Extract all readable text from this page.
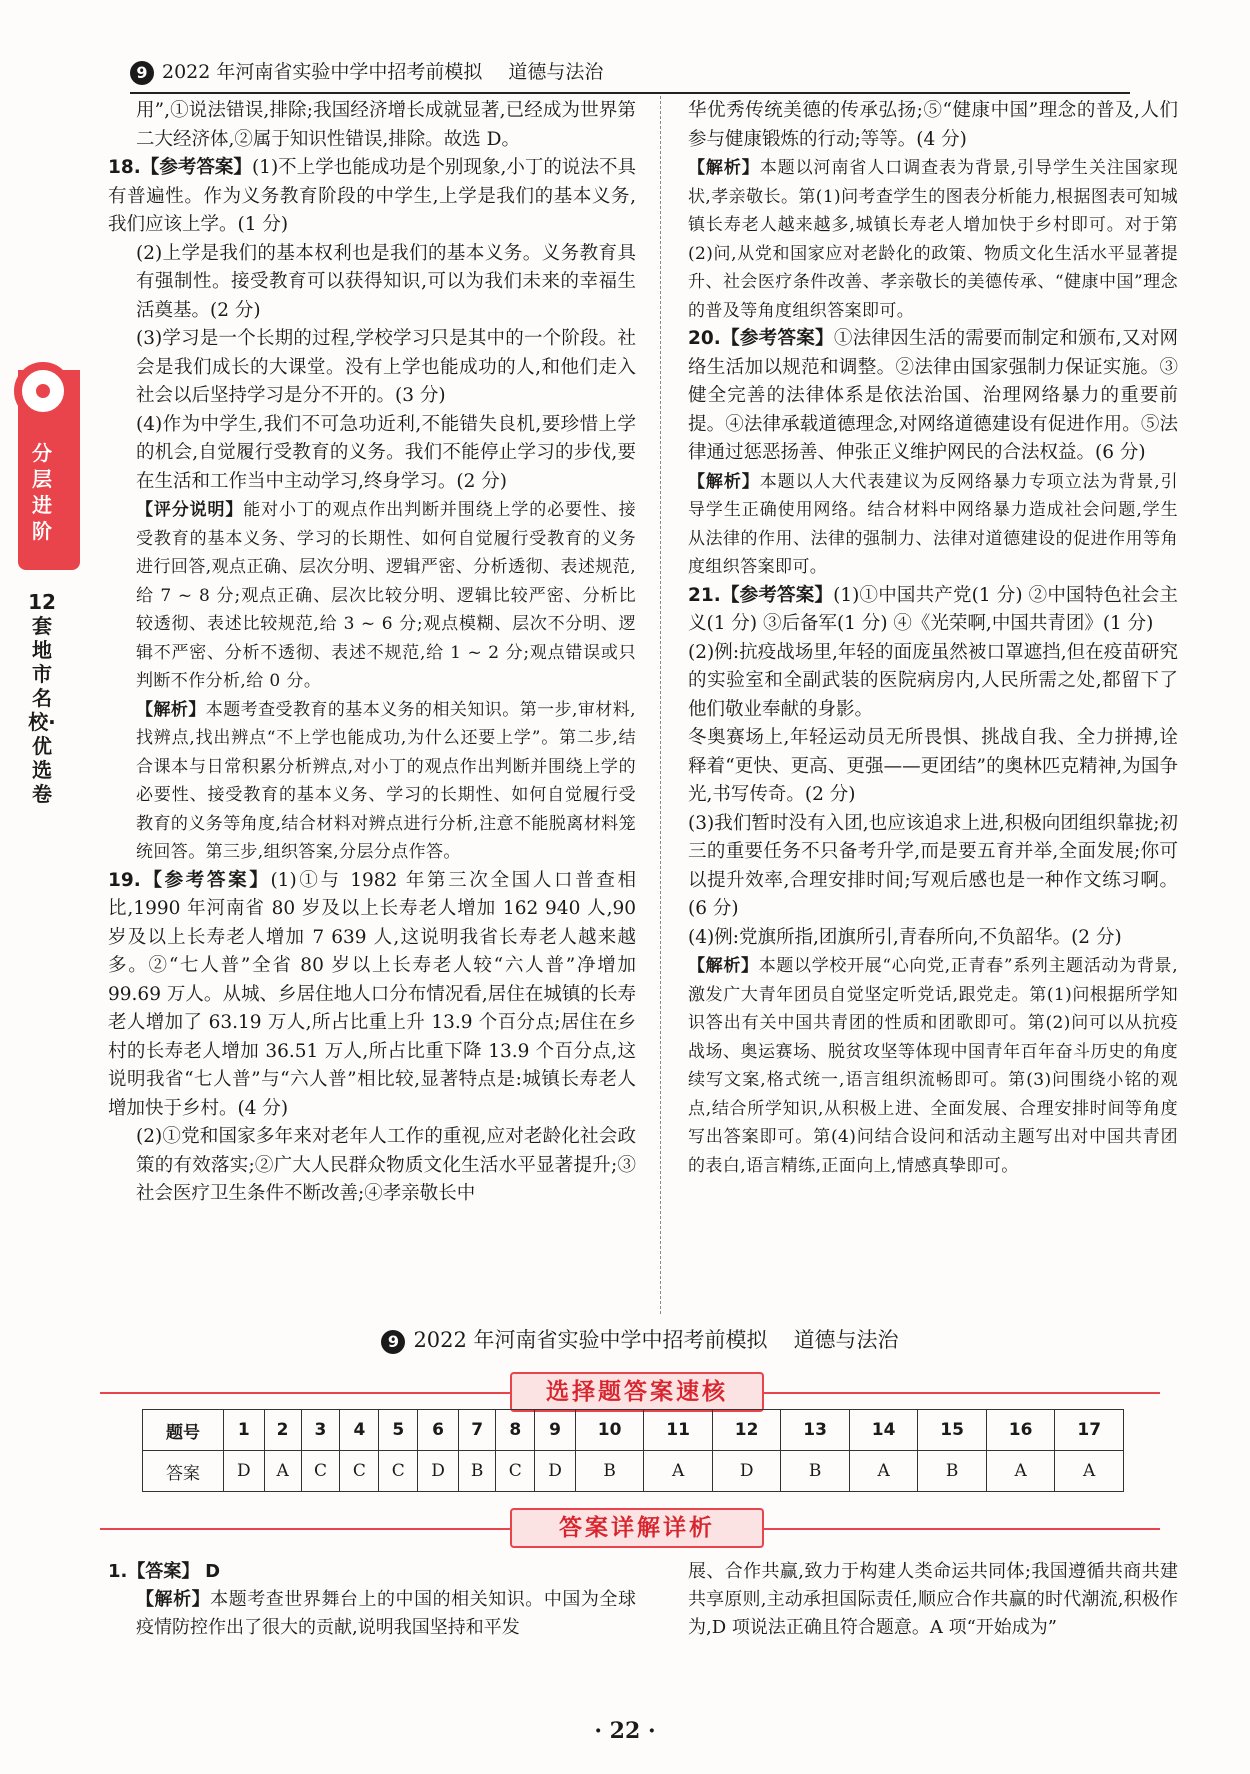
9 2022 年河南省实验中学中招考前模拟 道德与法治
分层进阶
12套地市名校·优选卷

用”,①说法错误,排除;我国经济增长成就显著,已经成为世界第二大经济体,②属于知识性错误,排除。故选 D。

18.【参考答案】(1)不上学也能成功是个别现象,小丁的说法不具有普遍性。作为义务教育阶段的中学生,上学是我们的基本义务,我们应该上学。(1 分)

(2)上学是我们的基本权利也是我们的基本义务。义务教育具有强制性。接受教育可以获得知识,可以为我们未来的幸福生活奠基。(2 分)

(3)学习是一个长期的过程,学校学习只是其中的一个阶段。社会是我们成长的大课堂。没有上学也能成功的人,和他们走入社会以后坚持学习是分不开的。(3 分)

(4)作为中学生,我们不可急功近利,不能错失良机,要珍惜上学的机会,自觉履行受教育的义务。我们不能停止学习的步伐,要在生活和工作当中主动学习,终身学习。(2 分)

【评分说明】能对小丁的观点作出判断并围绕上学的必要性、接受教育的基本义务、学习的长期性、如何自觉履行受教育的义务进行回答,观点正确、层次分明、逻辑严密、分析透彻、表述规范,给 7 ~ 8 分;观点正确、层次比较分明、逻辑比较严密、分析比较透彻、表述比较规范,给 3 ~ 6 分;观点模糊、层次不分明、逻辑不严密、分析不透彻、表述不规范,给 1 ~ 2 分;观点错误或只判断不作分析,给 0 分。

【解析】本题考查受教育的基本义务的相关知识。第一步,审材料,找辨点,找出辨点“不上学也能成功,为什么还要上学”。第二步,结合课本与日常积累分析辨点,对小丁的观点作出判断并围绕上学的必要性、接受教育的基本义务、学习的长期性、如何自觉履行受教育的义务等角度,结合材料对辨点进行分析,注意不能脱离材料笼统回答。第三步,组织答案,分层分点作答。

19.【参考答案】(1)①与 1982 年第三次全国人口普查相比,1990 年河南省 80 岁及以上长寿老人增加 162 940 人,90 岁及以上长寿老人增加 7 639 人,这说明我省长寿老人越来越多。②“七人普”全省 80 岁以上长寿老人较“六人普”净增加 99.69 万人。从城、乡居住地人口分布情况看,居住在城镇的长寿老人增加了 63.19 万人,所占比重上升 13.9 个百分点;居住在乡村的长寿老人增加 36.51 万人,所占比重下降 13.9 个百分点,这说明我省“七人普”与“六人普”相比较,显著特点是:城镇长寿老人增加快于乡村。(4 分)

(2)①党和国家多年来对老年人工作的重视,应对老龄化社会政策的有效落实;②广大人民群众物质文化生活水平显著提升;③社会医疗卫生条件不断改善;④孝亲敬长中

华优秀传统美德的传承弘扬;⑤“健康中国”理念的普及,人们参与健康锻炼的行动;等等。(4 分)

【解析】本题以河南省人口调查表为背景,引导学生关注国家现状,孝亲敬长。第(1)问考查学生的图表分析能力,根据图表可知城镇长寿老人越来越多,城镇长寿老人增加快于乡村即可。对于第(2)问,从党和国家应对老龄化的政策、物质文化生活水平显著提升、社会医疗条件改善、孝亲敬长的美德传承、“健康中国”理念的普及等角度组织答案即可。

20.【参考答案】①法律因生活的需要而制定和颁布,又对网络生活加以规范和调整。②法律由国家强制力保证实施。③健全完善的法律体系是依法治国、治理网络暴力的重要前提。④法律承载道德理念,对网络道德建设有促进作用。⑤法律通过惩恶扬善、伸张正义维护网民的合法权益。(6 分)

【解析】本题以人大代表建议为反网络暴力专项立法为背景,引导学生正确使用网络。结合材料中网络暴力造成社会问题,学生从法律的作用、法律的强制力、法律对道德建设的促进作用等角度组织答案即可。

21.【参考答案】(1)①中国共产党(1 分) ②中国特色社会主义(1 分) ③后备军(1 分) ④《光荣啊,中国共青团》(1 分)

(2)例:抗疫战场里,年轻的面庞虽然被口罩遮挡,但在疫苗研究的实验室和全副武装的医院病房内,人民所需之处,都留下了他们敬业奉献的身影。

冬奥赛场上,年轻运动员无所畏惧、挑战自我、全力拼搏,诠释着“更快、更高、更强——更团结”的奥林匹克精神,为国争光,书写传奇。(2 分)

(3)我们暂时没有入团,也应该追求上进,积极向团组织靠拢;初三的重要任务不只备考升学,而是要五育并举,全面发展;你可以提升效率,合理安排时间;写观后感也是一种作文练习啊。(6 分)

(4)例:党旗所指,团旗所引,青春所向,不负韶华。(2 分)

【解析】本题以学校开展“心向党,正青春”系列主题活动为背景,激发广大青年团员自觉坚定听党话,跟党走。第(1)问根据所学知识答出有关中国共青团的性质和团歌即可。第(2)问可以从抗疫战场、奥运赛场、脱贫攻坚等体现中国青年百年奋斗历史的角度续写文案,格式统一,语言组织流畅即可。第(3)问围绕小铭的观点,结合所学知识,从积极上进、全面发展、合理安排时间等角度写出答案即可。第(4)问结合设问和活动主题写出对中国共青团的表白,语言精练,正面向上,情感真挚即可。

9 2022 年河南省实验中学中招考前模拟 道德与法治
选择题答案速核
题号	1	2	3	4	5	6	7	8	9	10	11	12	13	14	15	16	17
答案	D	A	C	C	C	D	B	C	D	B	A	D	B	A	B	A	A
答案详解详析

1.【答案】 D

【解析】本题考查世界舞台上的中国的相关知识。中国为全球疫情防控作出了很大的贡献,说明我国坚持和平发

展、合作共赢,致力于构建人类命运共同体;我国遵循共商共建共享原则,主动承担国际责任,顺应合作共赢的时代潮流,积极作为,D 项说法正确且符合题意。A 项“开始成为”

· 22 ·
